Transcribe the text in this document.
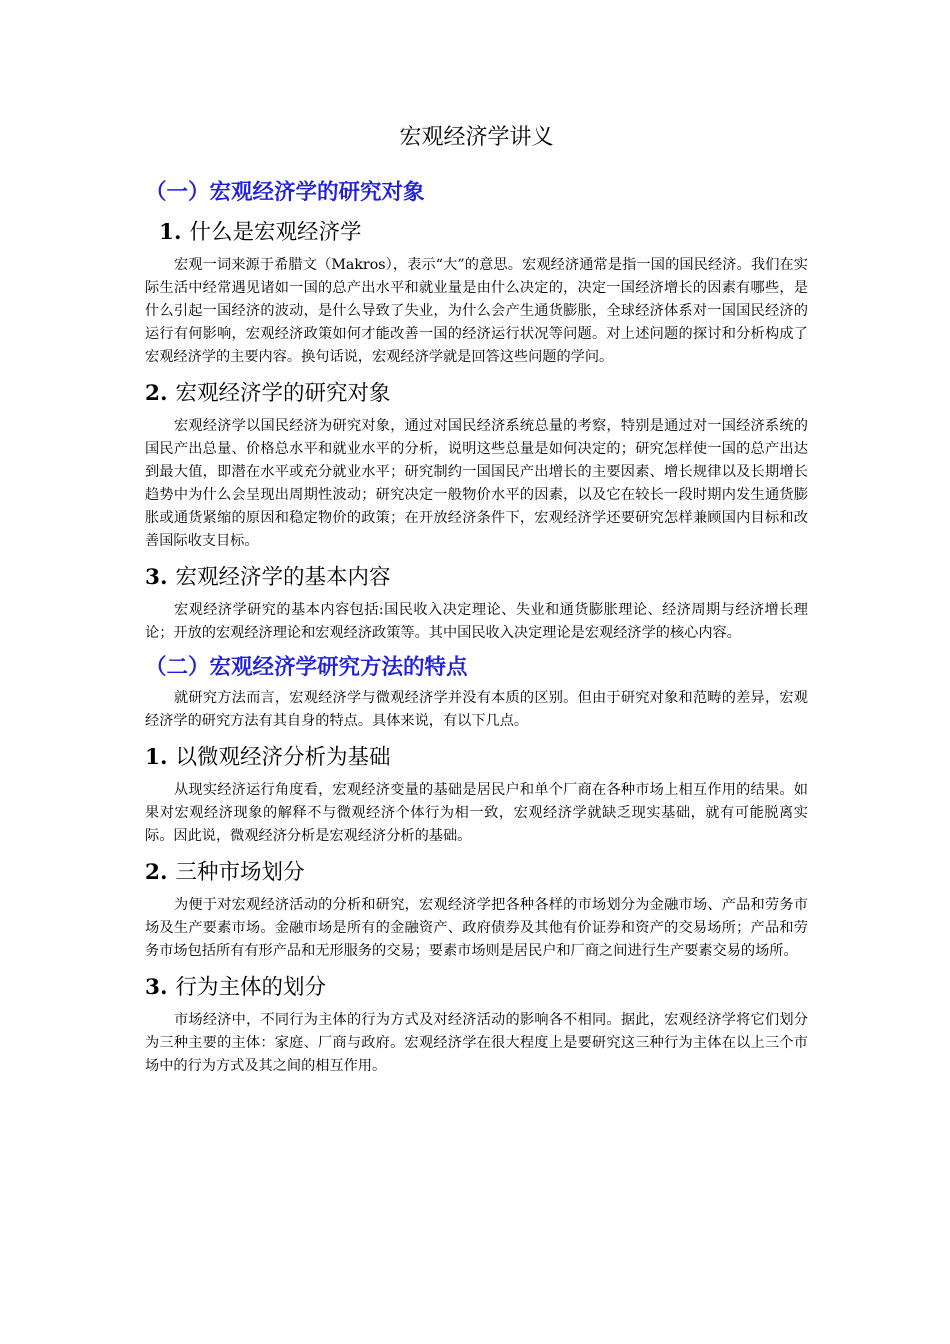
宏观经济学讲义
（一）宏观经济学的研究对象
1. 什么是宏观经济学

宏观一词来源于希腊文（Makros），表示“大”的意思。宏观经济通常是指一国的国民经济。我们在实际生活中经常遇见诸如一国的总产出水平和就业量是由什么决定的，决定一国经济增长的因素有哪些，是什么引起一国经济的波动，是什么导致了失业，为什么会产生通货膨胀，全球经济体系对一国国民经济的运行有何影响，宏观经济政策如何才能改善一国的经济运行状况等问题。对上述问题的探讨和分析构成了宏观经济学的主要内容。换句话说，宏观经济学就是回答这些问题的学问。

2. 宏观经济学的研究对象

宏观经济学以国民经济为研究对象，通过对国民经济系统总量的考察，特别是通过对一国经济系统的国民产出总量、价格总水平和就业水平的分析，说明这些总量是如何决定的；研究怎样使一国的总产出达到最大值，即潜在水平或充分就业水平；研究制约一国国民产出增长的主要因素、增长规律以及长期增长趋势中为什么会呈现出周期性波动；研究决定一般物价水平的因素，以及它在较长一段时期内发生通货膨胀或通货紧缩的原因和稳定物价的政策；在开放经济条件下，宏观经济学还要研究怎样兼顾国内目标和改善国际收支目标。

3. 宏观经济学的基本内容

宏观经济学研究的基本内容包括:国民收入决定理论、失业和通货膨胀理论、经济周期与经济增长理论；开放的宏观经济理论和宏观经济政策等。其中国民收入决定理论是宏观经济学的核心内容。

（二）宏观经济学研究方法的特点

就研究方法而言，宏观经济学与微观经济学并没有本质的区别。但由于研究对象和范畴的差异，宏观经济学的研究方法有其自身的特点。具体来说，有以下几点。

1. 以微观经济分析为基础

从现实经济运行角度看，宏观经济变量的基础是居民户和单个厂商在各种市场上相互作用的结果。如果对宏观经济现象的解释不与微观经济个体行为相一致，宏观经济学就缺乏现实基础，就有可能脱离实际。因此说，微观经济分析是宏观经济分析的基础。

2. 三种市场划分

为便于对宏观经济活动的分析和研究，宏观经济学把各种各样的市场划分为金融市场、产品和劳务市场及生产要素市场。金融市场是所有的金融资产、政府债券及其他有价证券和资产的交易场所；产品和劳务市场包括所有有形产品和无形服务的交易；要素市场则是居民户和厂商之间进行生产要素交易的场所。

3. 行为主体的划分

市场经济中，不同行为主体的行为方式及对经济活动的影响各不相同。据此，宏观经济学将它们划分为三种主要的主体：家庭、厂商与政府。宏观经济学在很大程度上是要研究这三种行为主体在以上三个市场中的行为方式及其之间的相互作用。
